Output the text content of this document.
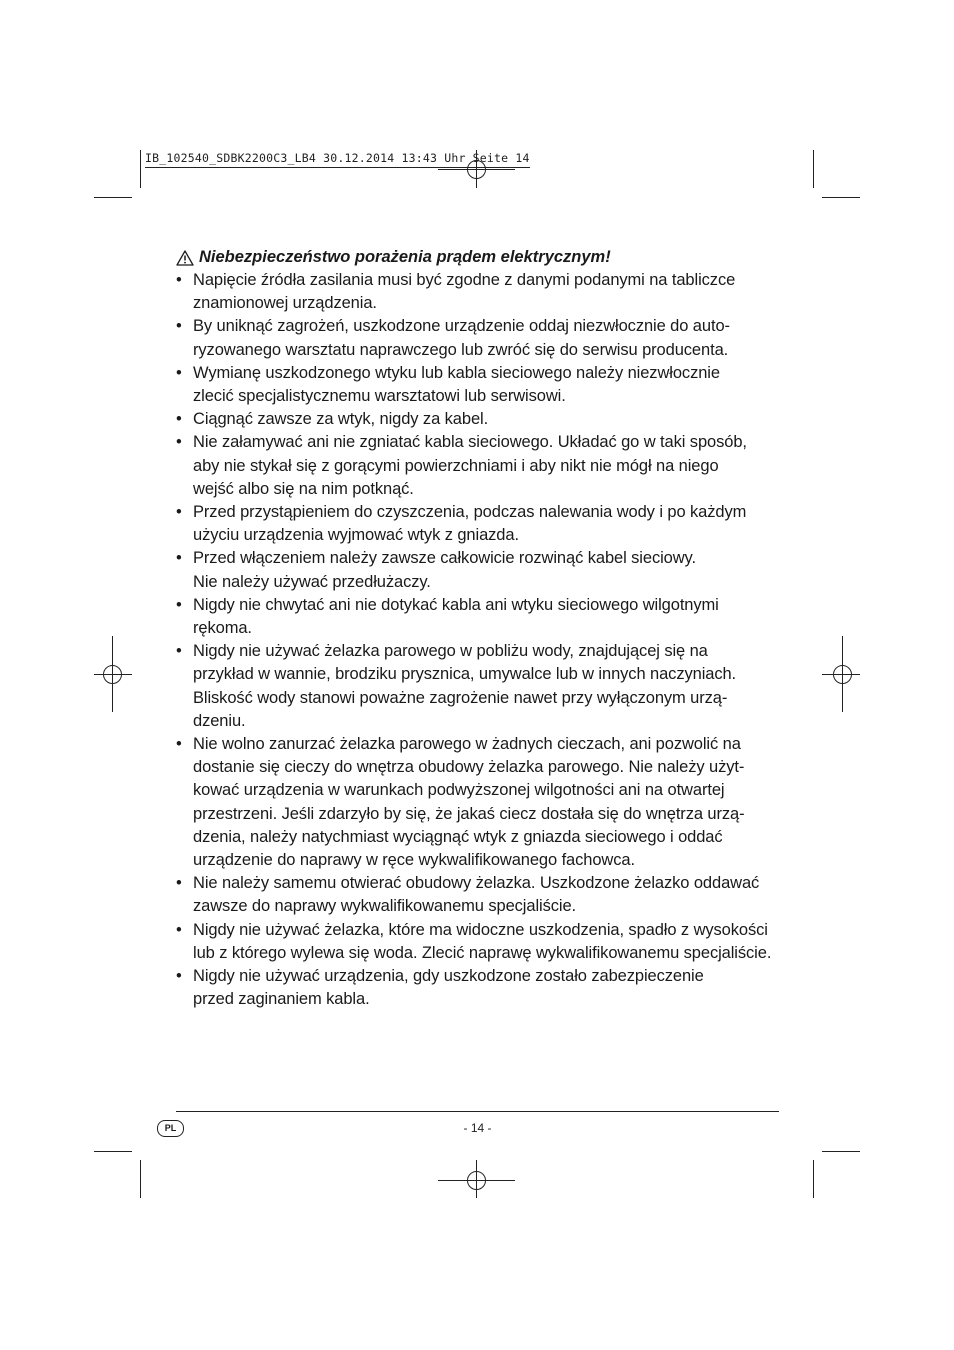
IB_102540_SDBK2200C3_LB4 30.12.2014 13:43 Uhr Seite 14
Niebezpieczeństwo porażenia prądem elektrycznym!
• Napięcie źródła zasilania musi być zgodne z danymi podanymi na tabliczce
znamionowej urządzenia.
• By uniknąć zagrożeń, uszkodzone urządzenie oddaj niezwłocznie do auto-
ryzowanego warsztatu naprawczego lub zwróć się do serwisu producenta.
• Wymianę uszkodzonego wtyku lub kabla sieciowego należy niezwłocznie
zlecić specjalistycznemu warsztatowi lub serwisowi.
• Ciągnąć zawsze za wtyk, nigdy za kabel.
• Nie załamywać ani nie zgniatać kabla sieciowego. Układać go w taki sposób,
aby nie stykał się z gorącymi powierzchniami i aby nikt nie mógł na niego
wejść albo się na nim potknąć.
• Przed przystąpieniem do czyszczenia, podczas nalewania wody i po każdym
użyciu urządzenia wyjmować wtyk z gniazda.
• Przed włączeniem należy zawsze całkowicie rozwinąć kabel sieciowy.
Nie należy używać przedłużaczy.
• Nigdy nie chwytać ani nie dotykać kabla ani wtyku sieciowego wilgotnymi
rękoma.
• Nigdy nie używać żelazka parowego w pobliżu wody, znajdującej się na
przykład w wannie, brodziku prysznica, umywalce lub w innych naczyniach.
Bliskość wody stanowi poważne zagrożenie nawet przy wyłączonym urzą-
dzeniu.
• Nie wolno zanurzać żelazka parowego w żadnych cieczach, ani pozwolić na
dostanie się cieczy do wnętrza obudowy żelazka parowego. Nie należy użyt-
kować urządzenia w warunkach podwyższonej wilgotności ani na otwartej
przestrzeni. Jeśli zdarzyło by się, że jakaś ciecz dostała się do wnętrza urzą-
dzenia, należy natychmiast wyciągnąć wtyk z gniazda sieciowego i oddać
urządzenie do naprawy w ręce wykwalifikowanego fachowca.
• Nie należy samemu otwierać obudowy żelazka. Uszkodzone żelazko oddawać
zawsze do naprawy wykwalifikowanemu specjaliście.
• Nigdy nie używać żelazka, które ma widoczne uszkodzenia, spadło z wysokości
lub z którego wylewa się woda. Zlecić naprawę wykwalifikowanemu specjaliście.
• Nigdy nie używać urządzenia, gdy uszkodzone zostało zabezpieczenie
przed zaginaniem kabla.
PL	- 14 -
